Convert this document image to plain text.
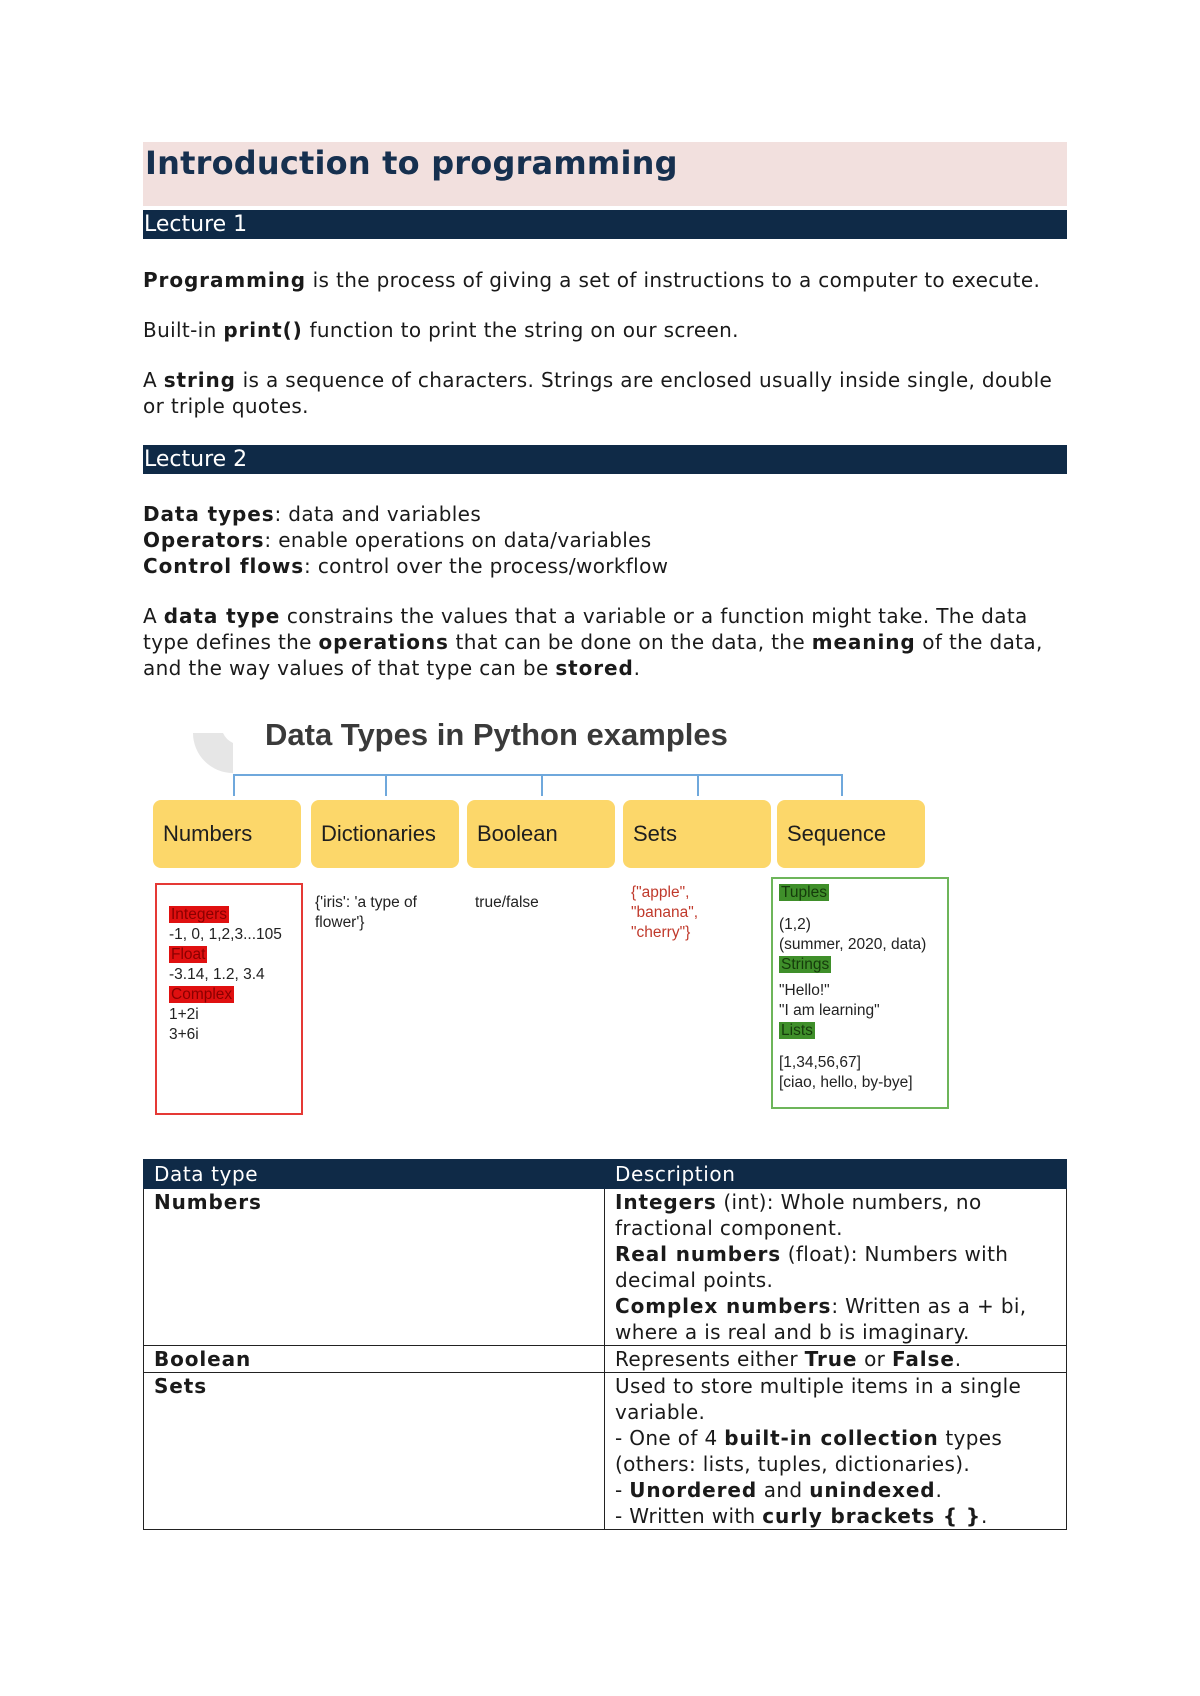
Introduction to programming
Lecture 1

Programming is the process of giving a set of instructions to a computer to execute.

Built-in print() function to print the string on our screen.

A string is a sequence of characters. Strings are enclosed usually inside single, double or triple quotes.

Lecture 2

Data types: data and variables

Operators: enable operations on data/variables

Control flows: control over the process/workflow

A data type constrains the values that a variable or a function might take. The data type defines the operations that can be done on the data, the meaning of the data, and the way values of that type can be stored.

Data Types in Python examples
Numbers	Dictionaries	Boolean	Sets	Sequence
Integers
-1, 0, 1,2,3...105
Float
-3.14, 1.2, 3.4
Complex
1+2i
3+6i
{'iris': 'a type of
flower'}
true/false
{"apple",
"banana",
"cherry"}
Tuples
(1,2)
(summer, 2020, data)
Strings
"Hello!"
"I am learning"
Lists
[1,34,56,67]
[ciao, hello, by-bye]
Data type	Description
Numbers	Integers (int): Whole numbers, no fractional component.
Real numbers (float): Numbers with decimal points.
Complex numbers: Written as a + bi, where a is real and b is imaginary.

Boolean	Represents either True or False.
Sets	Used to store multiple items in a single variable.
- One of 4 built-in collection types (others: lists, tuples, dictionaries).
- Unordered and unindexed.
- Written with curly brackets { }.
